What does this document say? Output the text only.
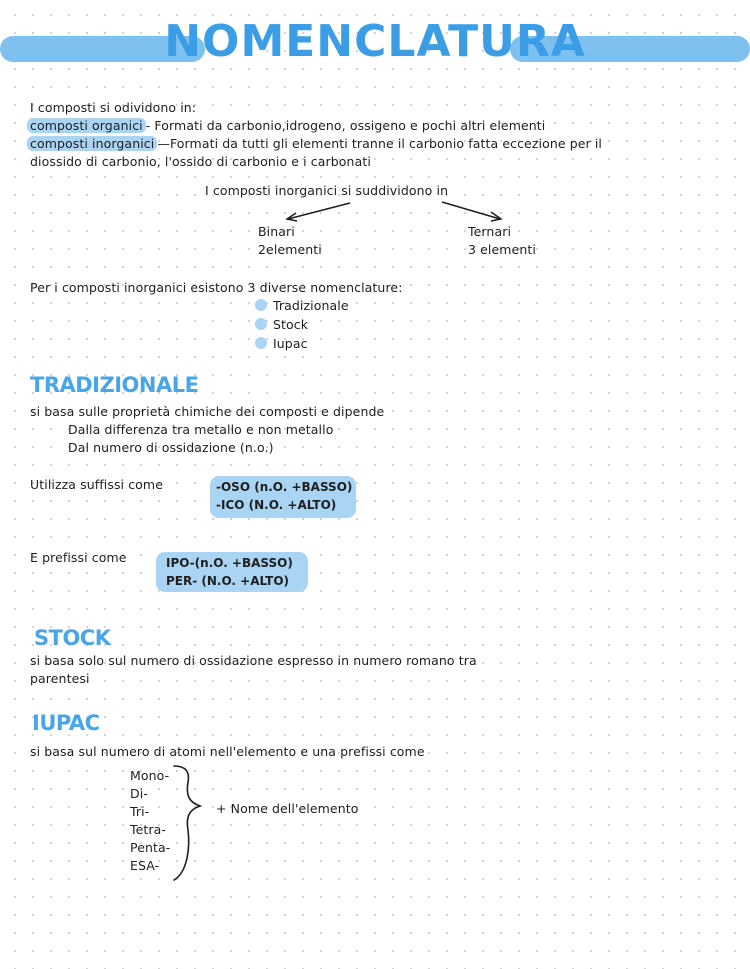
NOMENCLATURA
I composti si odividono in:
composti organici - Formati da carbonio,idrogeno, ossigeno e pochi altri elementi
composti inorganici —Formati da tutti gli elementi tranne il carbonio fatta eccezione per il
diossido di carbonio, l'ossido di carbonio e i carbonati
I composti inorganici si suddividono in
Binari
2elementi
Ternari
3 elementi
Per i composti inorganici esistono 3 diverse nomenclature:
Tradizionale
Stock
Iupac
TRADIZIONALE
si basa sulle proprietà chimiche dei composti e dipende
Dalla differenza tra metallo e non metallo
Dal numero di ossidazione (n.o.)
Utilizza suffissi come	-OSO (n.O. +BASSO)
-ICO (N.O. +ALTO)
E prefissi come	IPO-(n.O. +BASSO)
PER- (N.O. +ALTO)
STOCK
si basa solo sul numero di ossidazione espresso in numero romano tra
parentesi
IUPAC
si basa sul numero di atomi nell'elemento e una prefissi come
Mono-
Di-
Tri-
Tetra-
Penta-
ESA-
+ Nome dell'elemento
